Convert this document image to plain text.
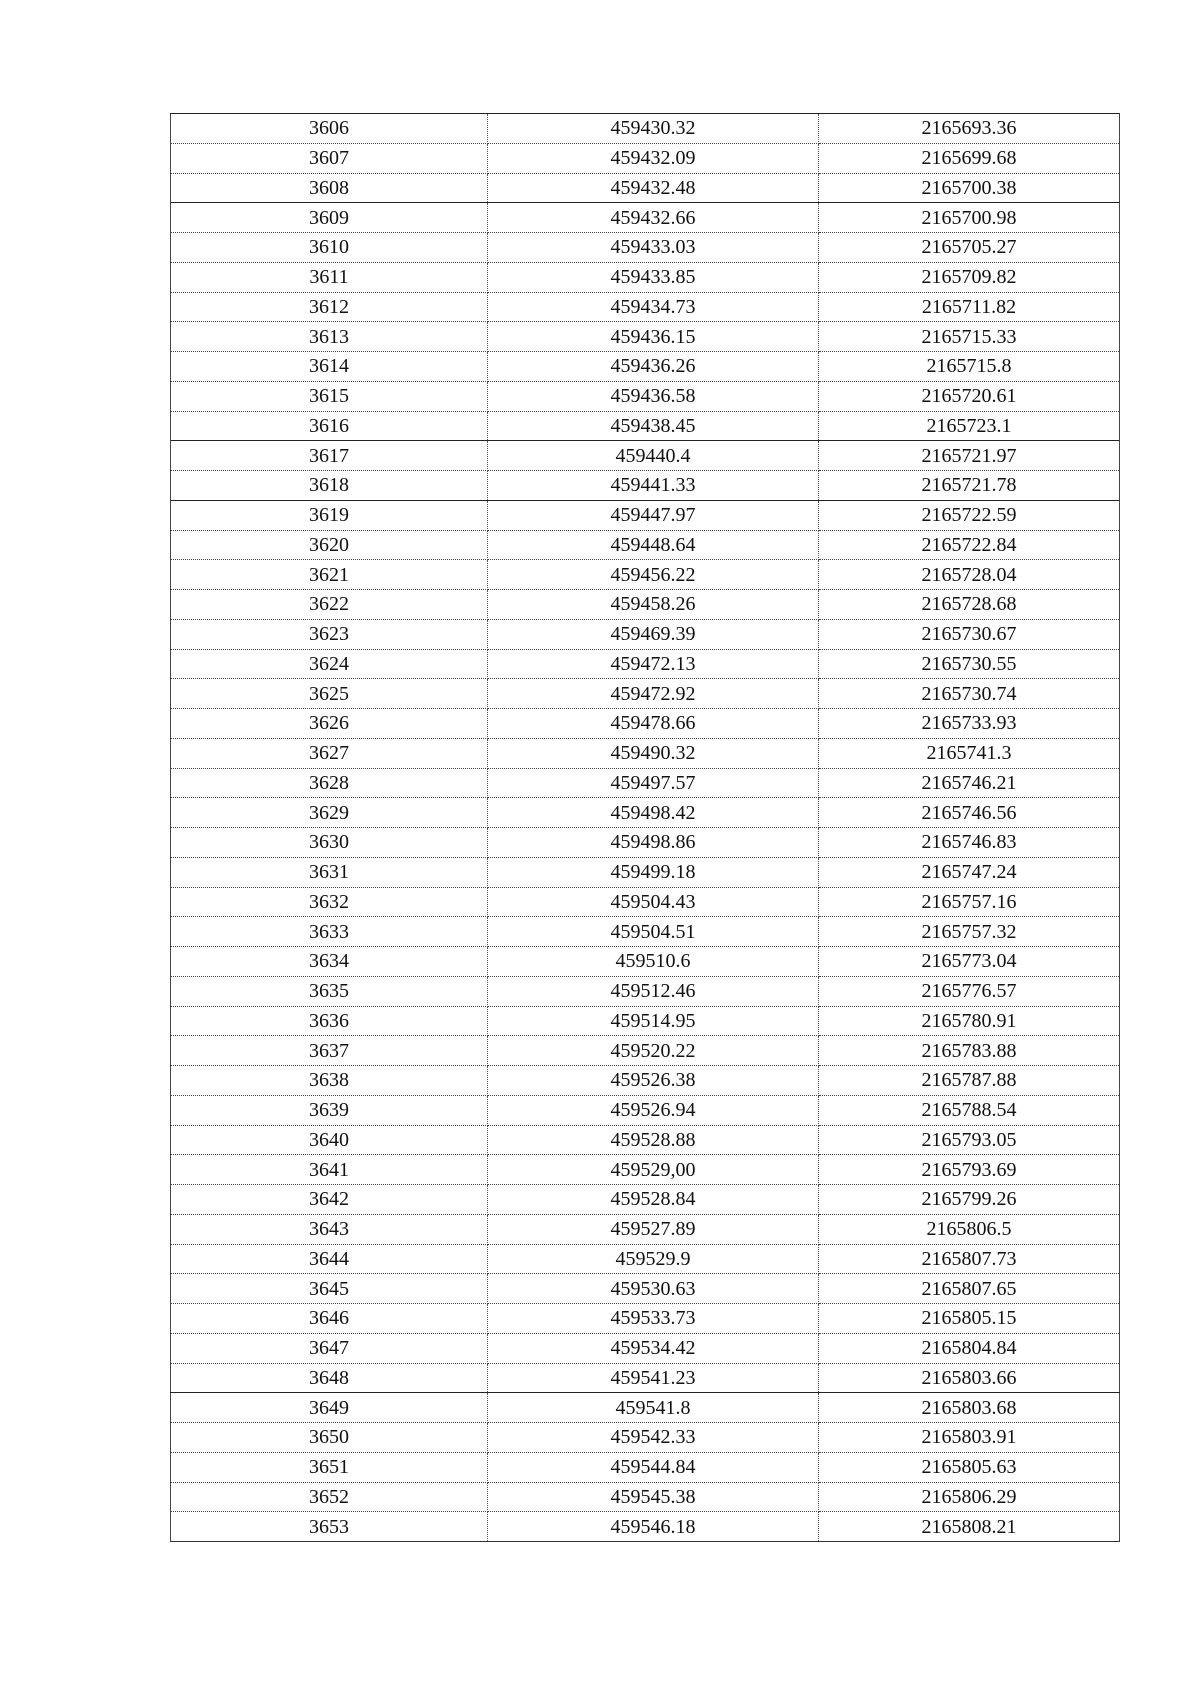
3606	459430.32	2165693.36
3607	459432.09	2165699.68
3608	459432.48	2165700.38
3609	459432.66	2165700.98
3610	459433.03	2165705.27
3611	459433.85	2165709.82
3612	459434.73	2165711.82
3613	459436.15	2165715.33
3614	459436.26	2165715.8
3615	459436.58	2165720.61
3616	459438.45	2165723.1
3617	459440.4	2165721.97
3618	459441.33	2165721.78
3619	459447.97	2165722.59
3620	459448.64	2165722.84
3621	459456.22	2165728.04
3622	459458.26	2165728.68
3623	459469.39	2165730.67
3624	459472.13	2165730.55
3625	459472.92	2165730.74
3626	459478.66	2165733.93
3627	459490.32	2165741.3
3628	459497.57	2165746.21
3629	459498.42	2165746.56
3630	459498.86	2165746.83
3631	459499.18	2165747.24
3632	459504.43	2165757.16
3633	459504.51	2165757.32
3634	459510.6	2165773.04
3635	459512.46	2165776.57
3636	459514.95	2165780.91
3637	459520.22	2165783.88
3638	459526.38	2165787.88
3639	459526.94	2165788.54
3640	459528.88	2165793.05
3641	459529,00	2165793.69
3642	459528.84	2165799.26
3643	459527.89	2165806.5
3644	459529.9	2165807.73
3645	459530.63	2165807.65
3646	459533.73	2165805.15
3647	459534.42	2165804.84
3648	459541.23	2165803.66
3649	459541.8	2165803.68
3650	459542.33	2165803.91
3651	459544.84	2165805.63
3652	459545.38	2165806.29
3653	459546.18	2165808.21
